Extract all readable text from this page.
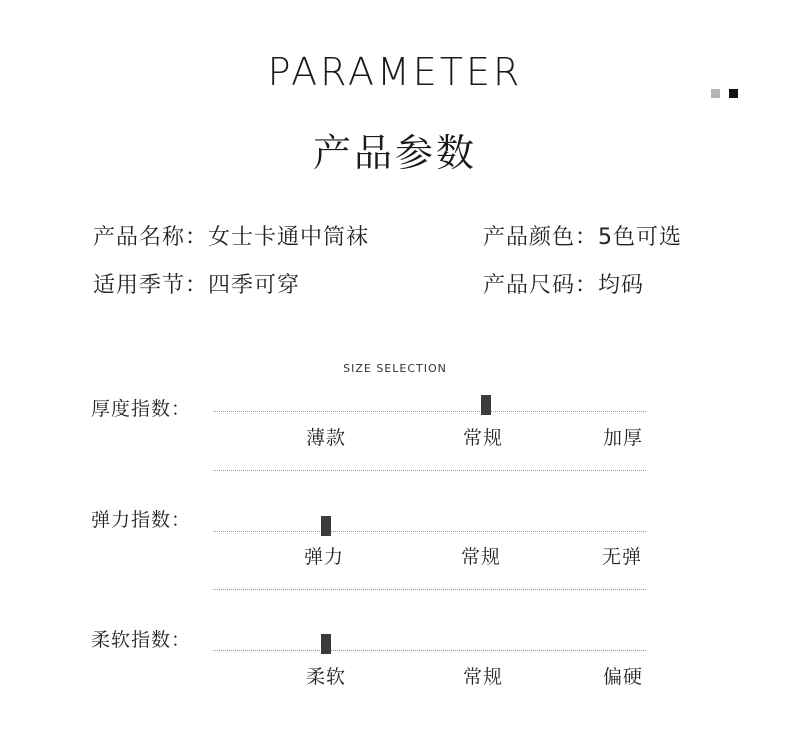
PARAMETER
产品参数
产品名称：女士卡通中筒袜	产品颜色：5色可选
适用季节：四季可穿	产品尺码：均码
SIZE SELECTION
厚度指数：
薄款	常规	加厚
弹力指数：
弹力	常规	无弹
柔软指数：
柔软	常规	偏硬
